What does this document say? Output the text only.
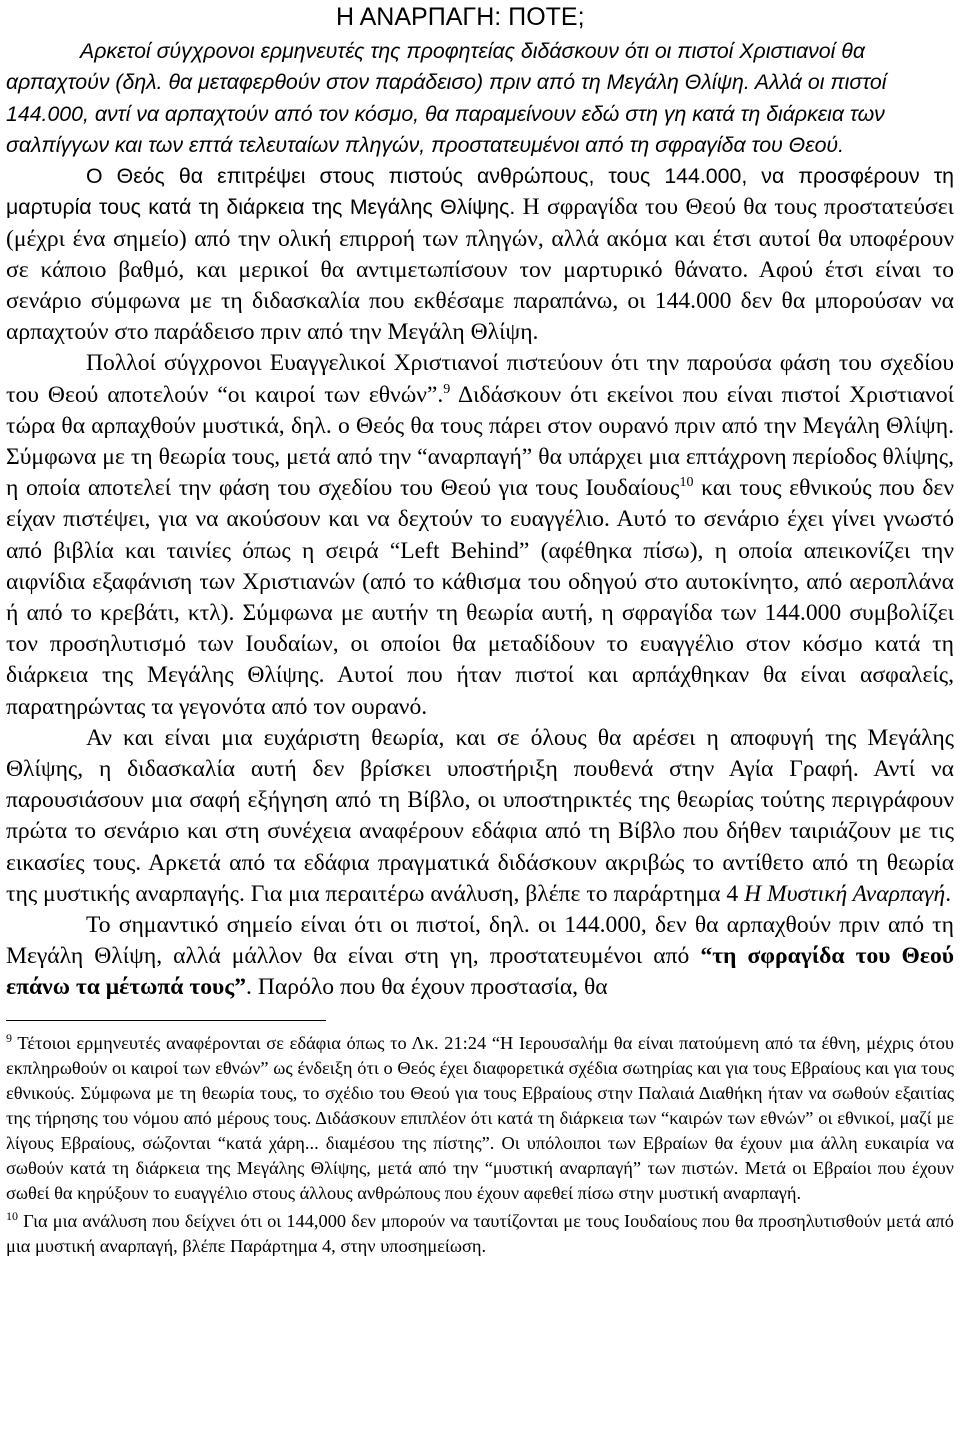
Η ΑΝΑΡΠΑΓΗ: ΠΟΤΕ;

Αρκετοί σύγχρονοι ερμηνευτές της προφητείας διδάσκουν ότι οι πιστοί Χριστιανοί θα αρπαχτούν (δηλ. θα μεταφερθούν στον παράδεισο) πριν από τη Μεγάλη Θλίψη. Αλλά οι πιστοί 144.000, αντί να αρπαχτούν από τον κόσμο, θα παραμείνουν εδώ στη γη κατά τη διάρκεια των σαλπίγγων και των επτά τελευταίων πληγών, προστατευμένοι από τη σφραγίδα του Θεού.

Ο Θεός θα επιτρέψει στους πιστούς ανθρώπους, τους 144.000, να προσφέρουν τη μαρτυρία τους κατά τη διάρκεια της Μεγάλης Θλίψης. Η σφραγίδα του Θεού θα τους προστατεύσει (μέχρι ένα σημείο) από την ολική επιρροή των πληγών, αλλά ακόμα και έτσι αυτοί θα υποφέρουν σε κάποιο βαθμό, και μερικοί θα αντιμετωπίσουν τον μαρτυρικό θάνατο. Αφού έτσι είναι το σενάριο σύμφωνα με τη διδασκαλία που εκθέσαμε παραπάνω, οι 144.000 δεν θα μπορούσαν να αρπαχτούν στο παράδεισο πριν από την Μεγάλη Θλίψη.

Πολλοί σύγχρονοι Ευαγγελικοί Χριστιανοί πιστεύουν ότι την παρούσα φάση του σχεδίου του Θεού αποτελούν “οι καιροί των εθνών”.$^9$ Διδάσκουν ότι εκείνοι που είναι πιστοί Χριστιανοί τώρα θα αρπαχθούν μυστικά, δηλ. ο Θεός θα τους πάρει στον ουρανό πριν από την Μεγάλη Θλίψη. Σύμφωνα με τη θεωρία τους, μετά από την “αναρπαγή” θα υπάρχει μια επτάχρονη περίοδος θλίψης, η οποία αποτελεί την φάση του σχεδίου του Θεού για τους Ιουδαίους$^{10}$ και τους εθνικούς που δεν είχαν πιστέψει, για να ακούσουν και να δεχτούν το ευαγγέλιο. Αυτό το σενάριο έχει γίνει γνωστό από βιβλία και ταινίες όπως η σειρά “Left Behind” (αφέθηκα πίσω), η οποία απεικονίζει την αιφνίδια εξαφάνιση των Χριστιανών (από το κάθισμα του οδηγού στο αυτοκίνητο, από αεροπλάνα ή από το κρεβάτι, κτλ). Σύμφωνα με αυτήν τη θεωρία αυτή, η σφραγίδα των 144.000 συμβολίζει τον προσηλυτισμό των Ιουδαίων, οι οποίοι θα μεταδίδουν το ευαγγέλιο στον κόσμο κατά τη διάρκεια της Μεγάλης Θλίψης. Αυτοί που ήταν πιστοί και αρπάχθηκαν θα είναι ασφαλείς, παρατηρώντας τα γεγονότα από τον ουρανό.

Αν και είναι μια ευχάριστη θεωρία, και σε όλους θα αρέσει η αποφυγή της Μεγάλης Θλίψης, η διδασκαλία αυτή δεν βρίσκει υποστήριξη πουθενά στην Αγία Γραφή. Αντί να παρουσιάσουν μια σαφή εξήγηση από τη Βίβλο, οι υποστηρικτές της θεωρίας τούτης περιγράφουν πρώτα το σενάριο και στη συνέχεια αναφέρουν εδάφια από τη Βίβλο που δήθεν ταιριάζουν με τις εικασίες τους. Αρκετά από τα εδάφια πραγματικά διδάσκουν ακριβώς το αντίθετο από τη θεωρία της μυστικής αναρπαγής. Για μια περαιτέρω ανάλυση, βλέπε το παράρτημα 4 Η Μυστική Αναρπαγή.

Το σημαντικό σημείο είναι ότι οι πιστοί, δηλ. οι 144.000, δεν θα αρπαχθούν πριν από τη Μεγάλη Θλίψη, αλλά μάλλον θα είναι στη γη, προστατευμένοι από “τη σφραγίδα του Θεού επάνω τα μέτωπά τους”. Παρόλο που θα έχουν προστασία, θα

$^9$ Τέτοιοι ερμηνευτές αναφέρονται σε εδάφια όπως το Λκ. 21:24 “Η Ιερουσαλήμ θα είναι πατούμενη από τα έθνη, μέχρις ότου εκπληρωθούν οι καιροί των εθνών” ως ένδειξη ότι ο Θεός έχει διαφορετικά σχέδια σωτηρίας και για τους Εβραίους και για τους εθνικούς. Σύμφωνα με τη θεωρία τους, το σχέδιο του Θεού για τους Εβραίους στην Παλαιά Διαθήκη ήταν να σωθούν εξαιτίας της τήρησης του νόμου από μέρους τους. Διδάσκουν επιπλέον ότι κατά τη διάρκεια των “καιρών των εθνών” οι εθνικοί, μαζί με λίγους Εβραίους, σώζονται “κατά χάρη... διαμέσου της πίστης”. Οι υπόλοιποι των Εβραίων θα έχουν μια άλλη ευκαιρία να σωθούν κατά τη διάρκεια της Μεγάλης Θλίψης, μετά από την “μυστική αναρπαγή” των πιστών. Μετά οι Εβραίοι που έχουν σωθεί θα κηρύξουν το ευαγγέλιο στους άλλους ανθρώπους που έχουν αφεθεί πίσω στην μυστική αναρπαγή.

$^{10}$ Για μια ανάλυση που δείχνει ότι οι 144,000 δεν μπορούν να ταυτίζονται με τους Ιουδαίους που θα προσηλυτισθούν μετά από μια μυστική αναρπαγή, βλέπε Παράρτημα 4, στην υποσημείωση.
